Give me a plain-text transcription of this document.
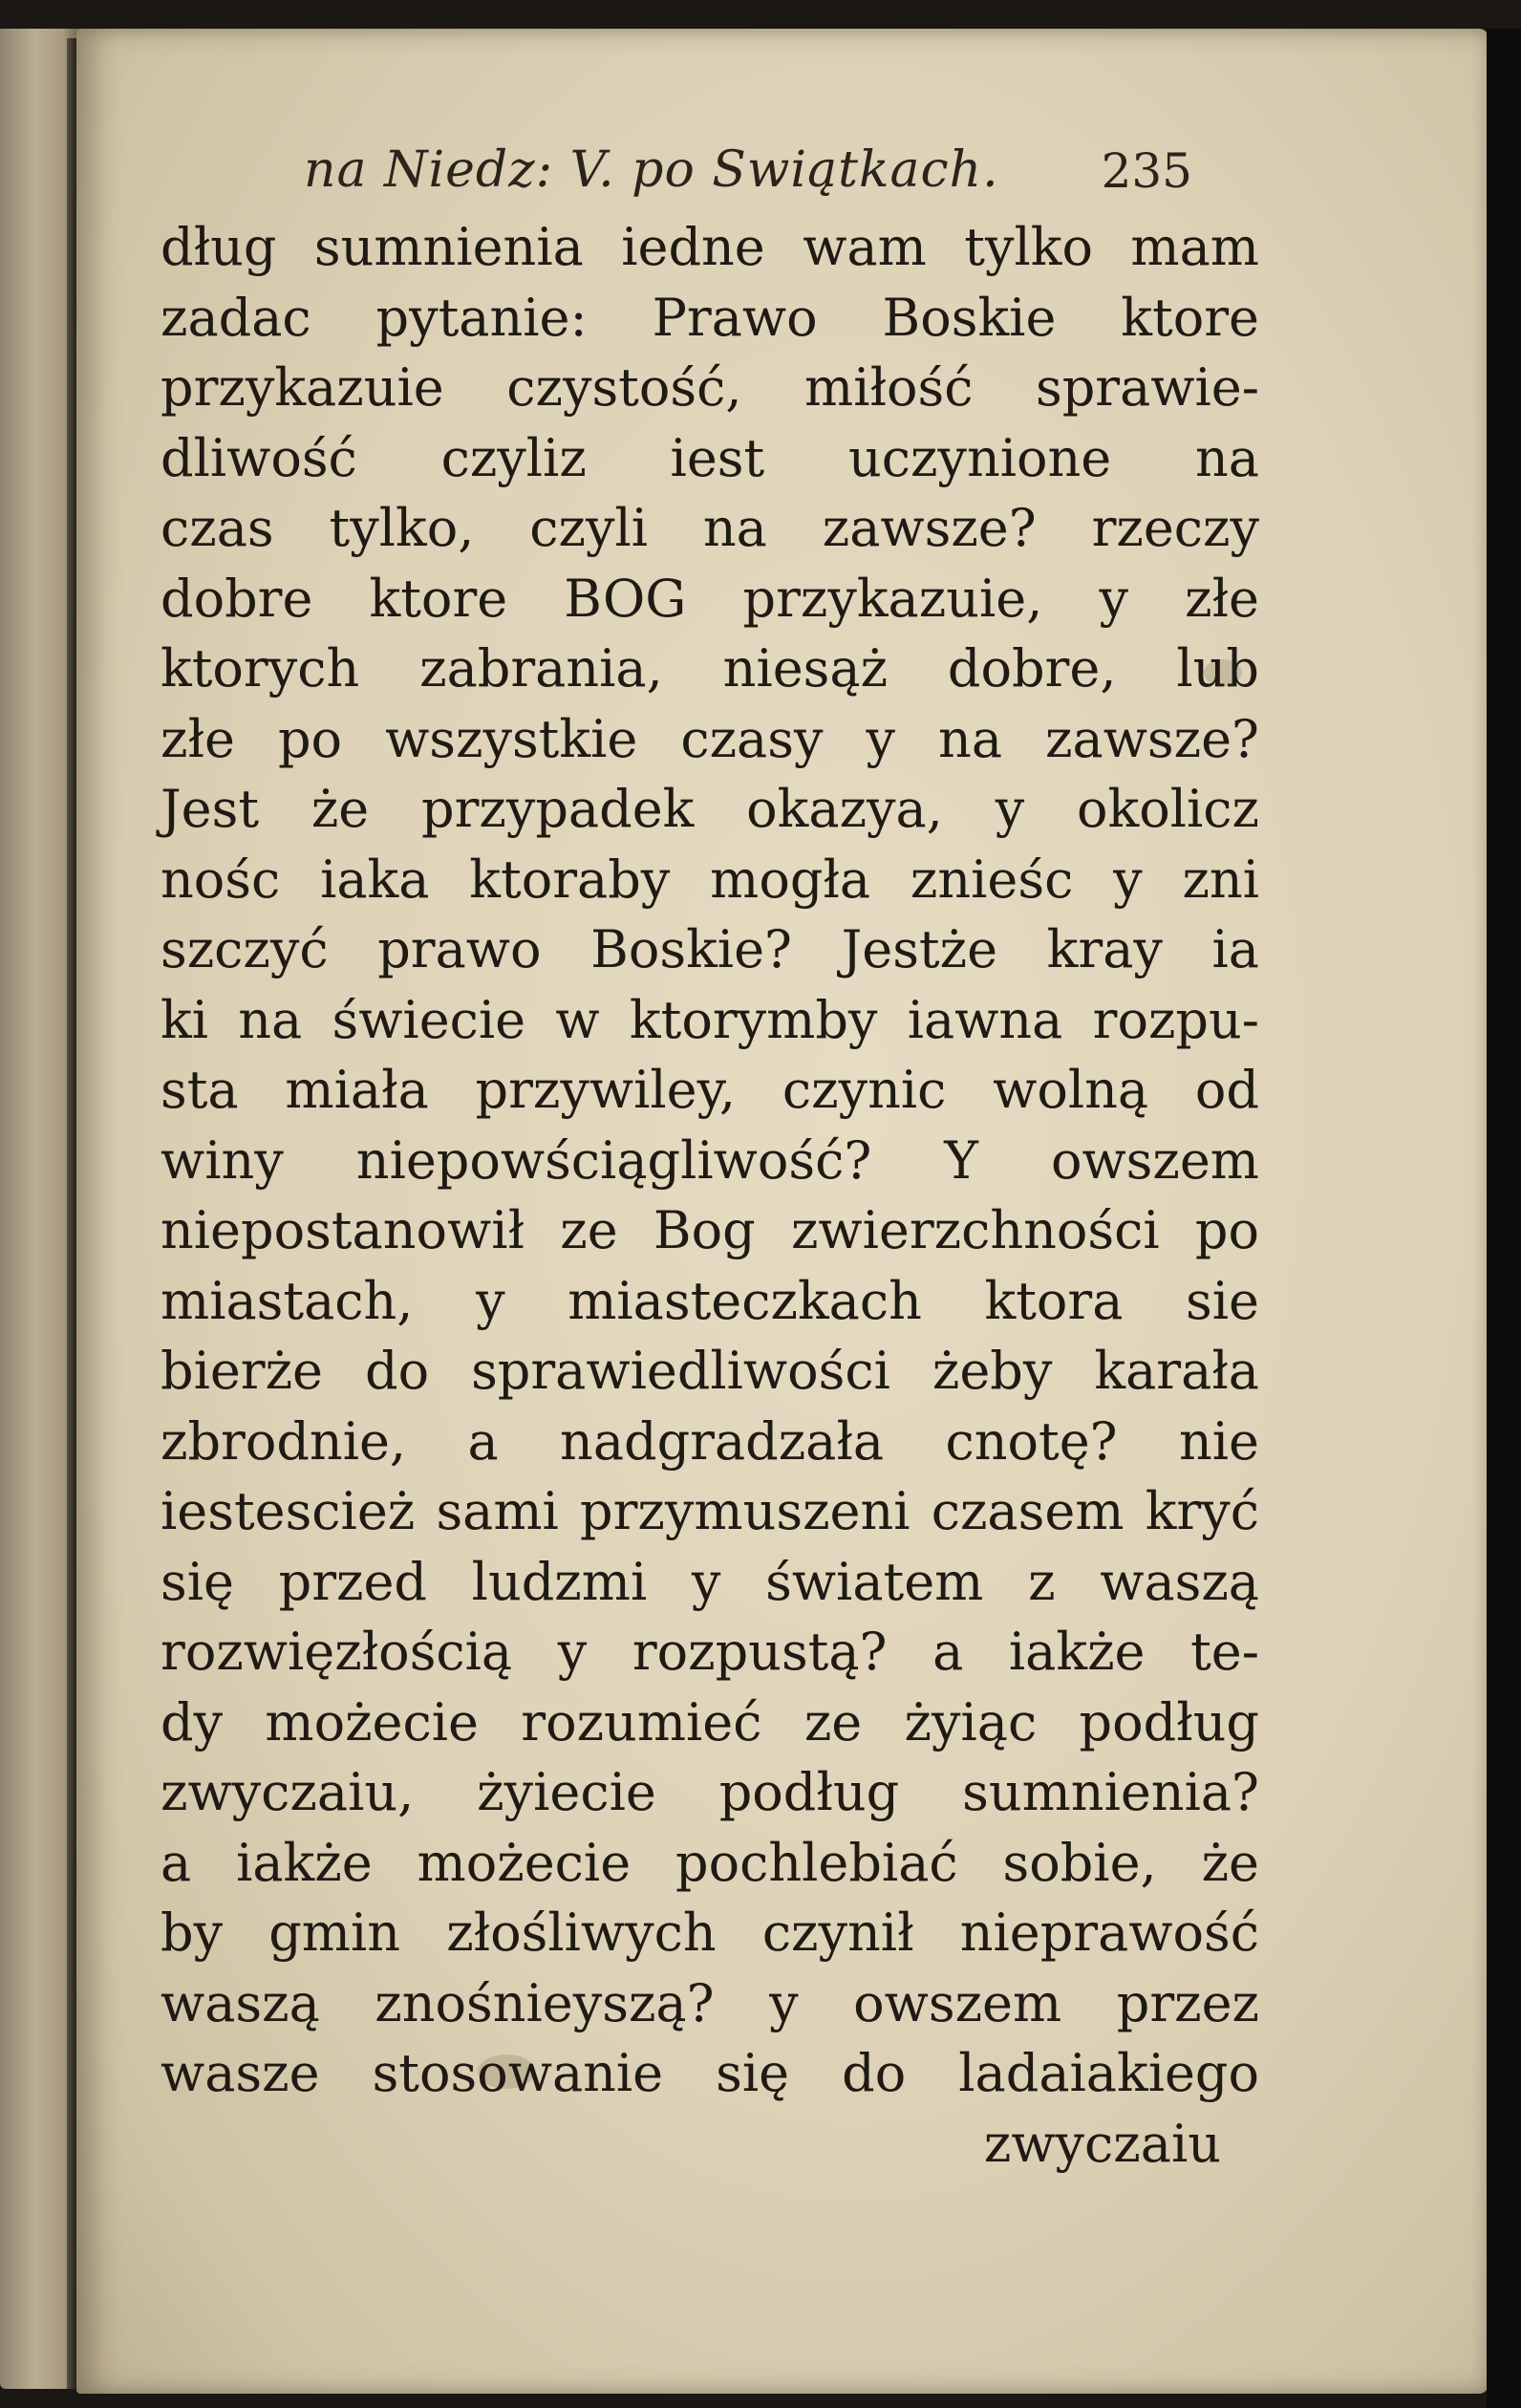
na Niedz: V. po Swiątkach. 235
dług sumnienia iedne wam tylko mam
zadac pytanie: Prawo Boskie ktore
przykazuie czystość, miłość sprawie-
dliwość czyliz iest uczynione na
czas tylko, czyli na zawsze? rzeczy
dobre ktore BOG przykazuie, y złe
ktorych zabrania, niesąż dobre, lub
złe po wszystkie czasy y na zawsze?
Jest że przypadek okazya, y okolicz
nośc iaka ktoraby mogła znieśc y zni
szczyć prawo Boskie? Jestże kray ia
ki na świecie w ktorymby iawna rozpu-
sta miała przywiley, czynic wolną od
winy niepowściągliwość? Y owszem
niepostanowił ze Bog zwierzchności po
miastach, y miasteczkach ktora sie
bierże do sprawiedliwości żeby karała
zbrodnie, a nadgradzała cnotę? nie
iestescież sami przymuszeni czasem kryć
się przed ludzmi y światem z waszą
rozwięzłością y rozpustą? a iakże te-
dy możecie rozumieć ze żyiąc podług
zwyczaiu, żyiecie podług sumnienia?
a iakże możecie pochlebiać sobie, że
by gmin złośliwych czynił nieprawość
waszą znośnieyszą? y owszem przez
wasze stosowanie się do ladaiakiego
zwyczaiu
